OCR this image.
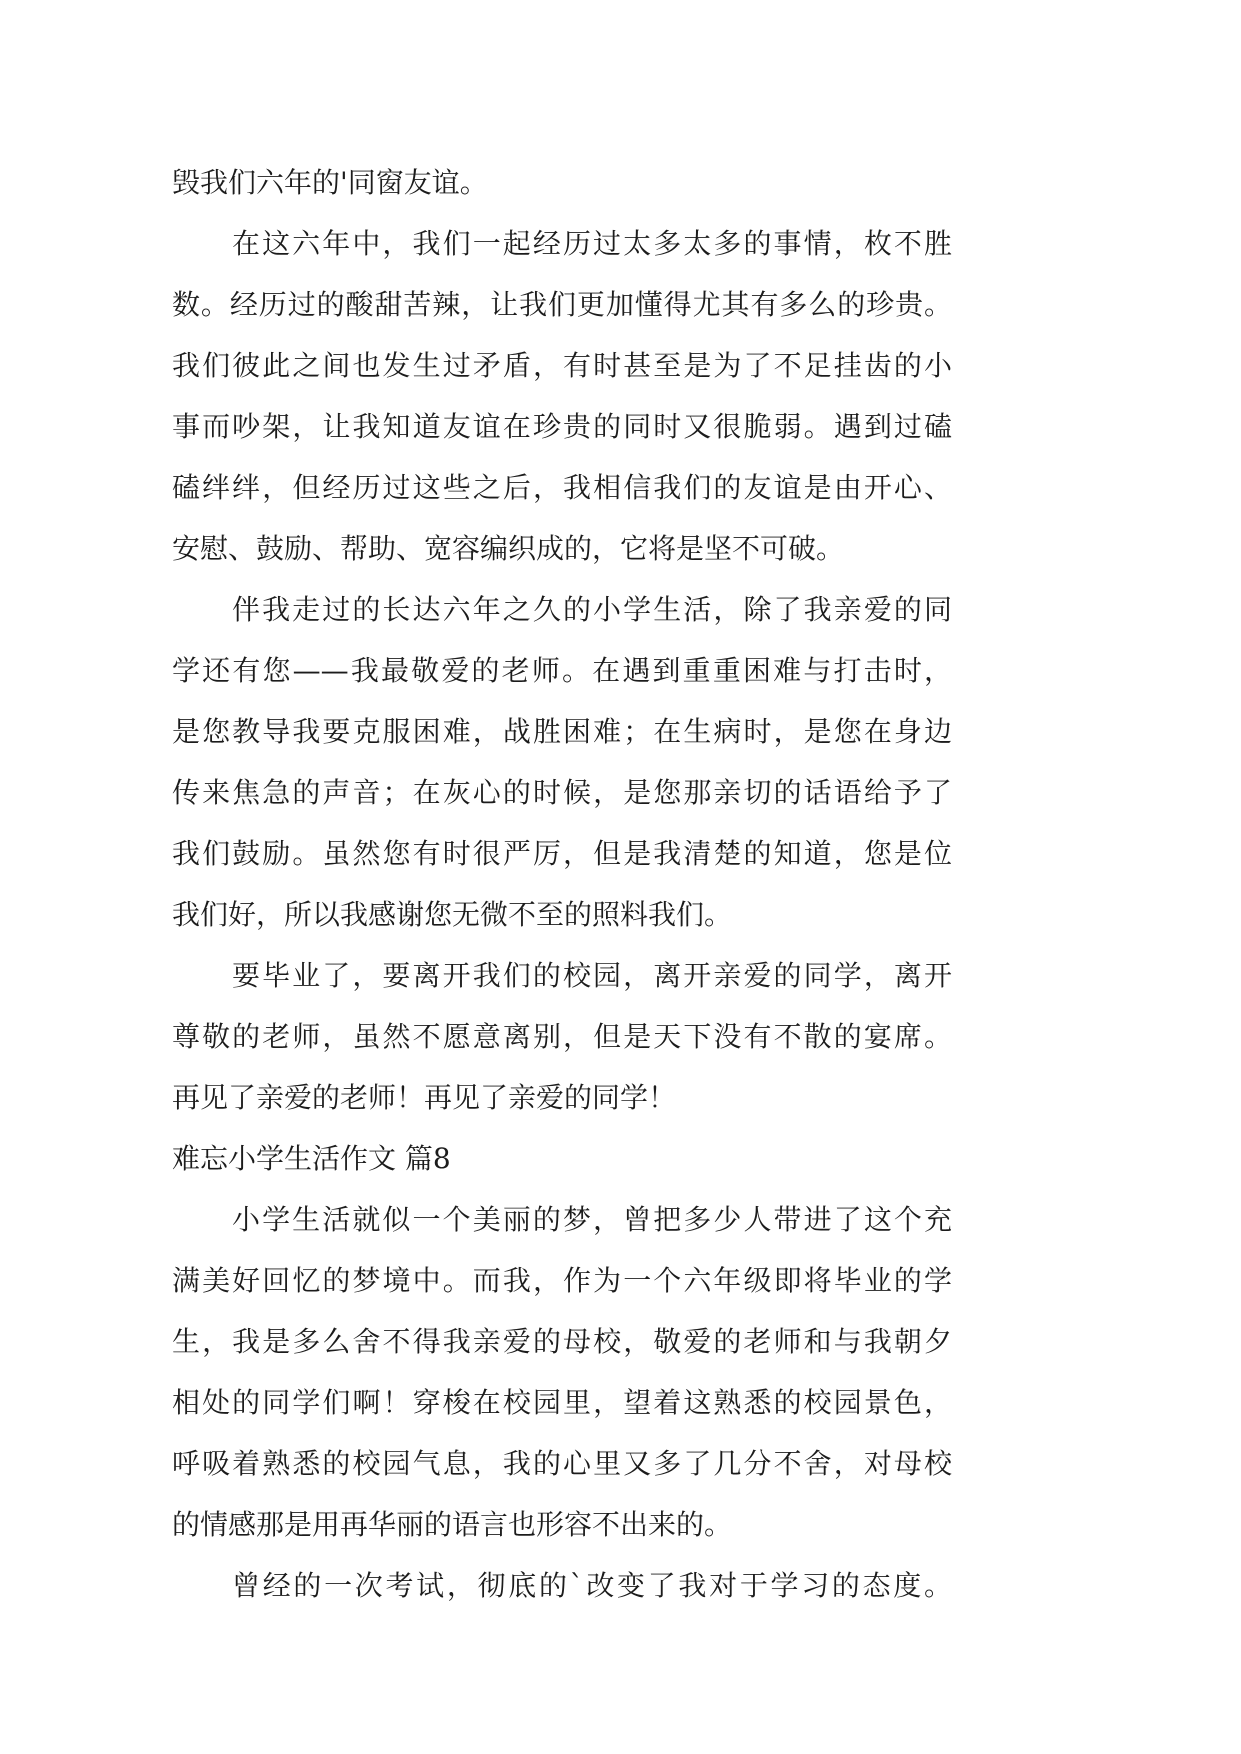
毁我们六年的'同窗友谊。

在这六年中，我们一起经历过太多太多的事情，枚不胜
数。经历过的酸甜苦辣，让我们更加懂得尤其有多么的珍贵。
我们彼此之间也发生过矛盾，有时甚至是为了不足挂齿的小
事而吵架，让我知道友谊在珍贵的同时又很脆弱。遇到过磕
磕绊绊，但经历过这些之后，我相信我们的友谊是由开心、
安慰、鼓励、帮助、宽容编织成的，它将是坚不可破。

伴我走过的长达六年之久的小学生活，除了我亲爱的同
学还有您——我最敬爱的老师。在遇到重重困难与打击时，
是您教导我要克服困难，战胜困难；在生病时，是您在身边
传来焦急的声音；在灰心的时候，是您那亲切的话语给予了
我们鼓励。虽然您有时很严厉，但是我清楚的知道，您是位
我们好，所以我感谢您无微不至的照料我们。

要毕业了，要离开我们的校园，离开亲爱的同学，离开
尊敬的老师，虽然不愿意离别，但是天下没有不散的宴席。
再见了亲爱的老师！再见了亲爱的同学！

难忘小学生活作文 篇8

小学生活就似一个美丽的梦，曾把多少人带进了这个充
满美好回忆的梦境中。而我，作为一个六年级即将毕业的学
生，我是多么舍不得我亲爱的母校，敬爱的老师和与我朝夕
相处的同学们啊！穿梭在校园里，望着这熟悉的校园景色，
呼吸着熟悉的校园气息，我的心里又多了几分不舍，对母校
的情感那是用再华丽的语言也形容不出来的。

曾经的一次考试，彻底的`改变了我对于学习的态度。
